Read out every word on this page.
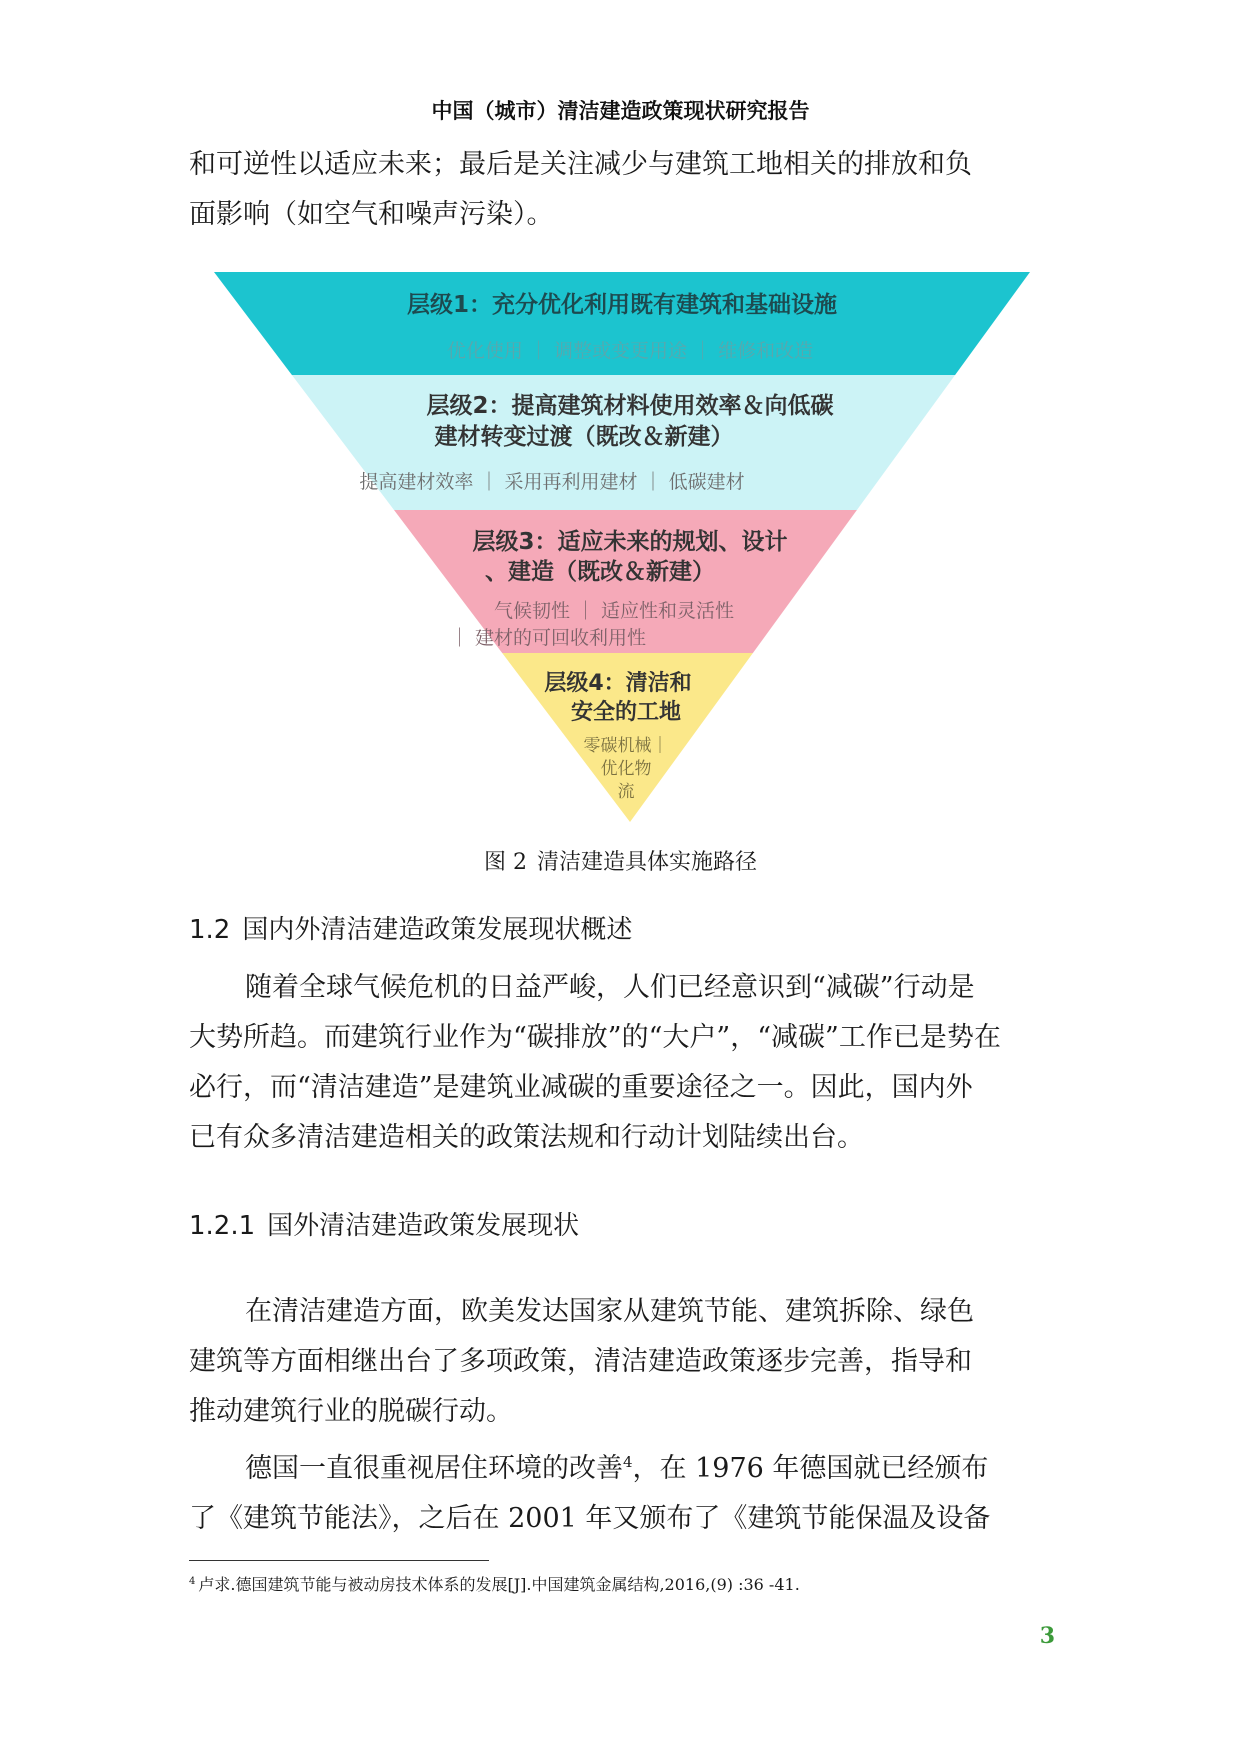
中国（城市）清洁建造政策现状研究报告

和可逆性以适应未来；最后是关注减少与建筑工地相关的排放和负
面影响（如空气和噪声污染）。

层级1：充分优化利用既有建筑和基础设施
优化使用 ｜ 调整或变更用途 ｜ 维修和改造
层级2：提高建筑材料使用效率＆向低碳
建材转变过渡（既改＆新建）
提高建材效率 ｜ 采用再利用建材 ｜ 低碳建材
层级3：适应未来的规划、设计
、建造（既改＆新建）
气候韧性 ｜ 适应性和灵活性
｜ 建材的可回收利用性
层级4：清洁和
安全的工地
零碳机械｜
优化物
流
图 2 清洁建造具体实施路径
1.2 国内外清洁建造政策发展现状概述

随着全球气候危机的日益严峻，人们已经意识到“减碳”行动是
大势所趋。而建筑行业作为“碳排放”的“大户”，“减碳”工作已是势在
必行，而“清洁建造”是建筑业减碳的重要途径之一。因此，国内外
已有众多清洁建造相关的政策法规和行动计划陆续出台。

1.2.1 国外清洁建造政策发展现状

在清洁建造方面，欧美发达国家从建筑节能、建筑拆除、绿色
建筑等方面相继出台了多项政策，清洁建造政策逐步完善，指导和
推动建筑行业的脱碳行动。

德国一直很重视居住环境的改善$^4$，在 1976 年德国就已经颁布
了《建筑节能法》，之后在 2001 年又颁布了《建筑节能保温及设备

$^4$ 卢求.德国建筑节能与被动房技术体系的发展[J].中国建筑金属结构,2016,(9) :36 -41.
3
